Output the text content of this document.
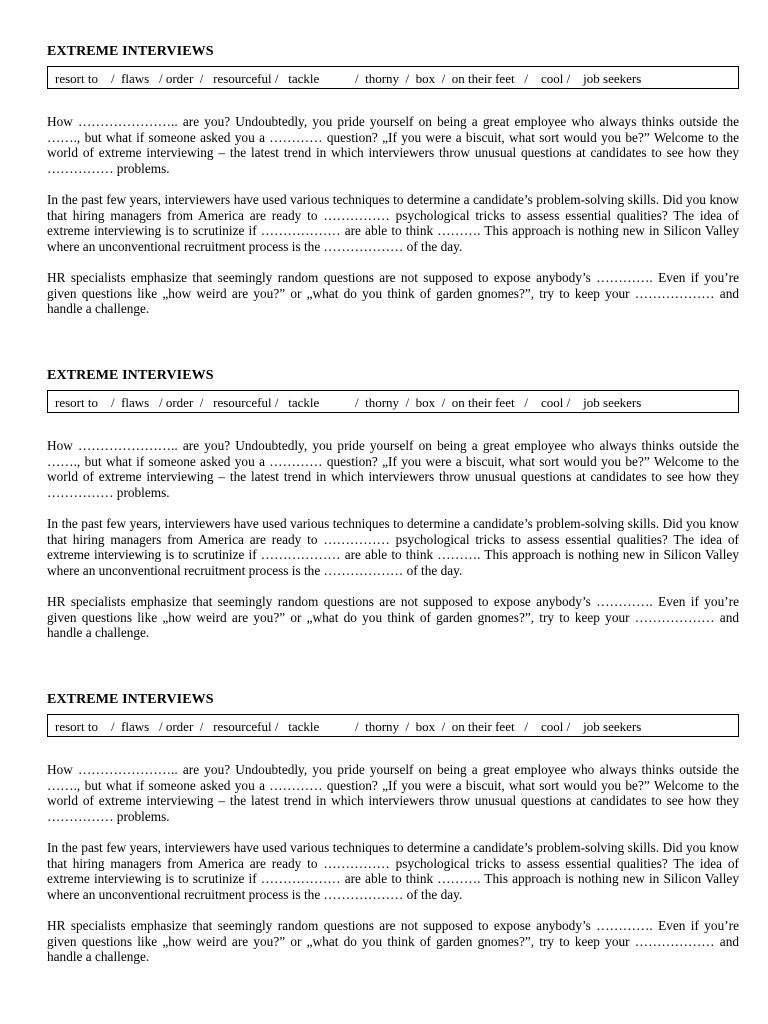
EXTREME INTERVIEWS
resort to    /  flaws   / order  /   resourceful /   tackle           /  thorny  /  box  /  on their feet   /    cool /    job seekers

How ………………….. are you? Undoubtedly, you pride yourself on being a great employee who always thinks outside the ……., but what if someone asked you a ………… question? „If you were a biscuit, what sort would you be?” Welcome to the world of extreme interviewing – the latest trend in which interviewers throw unusual questions at candidates to see how they …………… problems.

In the past few years, interviewers have used various techniques to determine a candidate’s problem-solving skills. Did you know that hiring managers from America are ready to …………… psychological tricks to assess essential qualities? The idea of extreme interviewing is to scrutinize if ……………… are able to think ………. This approach is nothing new in Silicon Valley where an unconventional recruitment process is the ……………… of the day.

HR specialists emphasize that seemingly random questions are not supposed to expose anybody’s …………. Even if you’re given questions like „how weird are you?” or „what do you think of garden gnomes?”, try to keep your ……………… and handle a challenge.

EXTREME INTERVIEWS
resort to    /  flaws   / order  /   resourceful /   tackle           /  thorny  /  box  /  on their feet   /    cool /    job seekers

How ………………….. are you? Undoubtedly, you pride yourself on being a great employee who always thinks outside the ……., but what if someone asked you a ………… question? „If you were a biscuit, what sort would you be?” Welcome to the world of extreme interviewing – the latest trend in which interviewers throw unusual questions at candidates to see how they …………… problems.

In the past few years, interviewers have used various techniques to determine a candidate’s problem-solving skills. Did you know that hiring managers from America are ready to …………… psychological tricks to assess essential qualities? The idea of extreme interviewing is to scrutinize if ……………… are able to think ………. This approach is nothing new in Silicon Valley where an unconventional recruitment process is the ……………… of the day.

HR specialists emphasize that seemingly random questions are not supposed to expose anybody’s …………. Even if you’re given questions like „how weird are you?” or „what do you think of garden gnomes?”, try to keep your ……………… and handle a challenge.

EXTREME INTERVIEWS
resort to    /  flaws   / order  /   resourceful /   tackle           /  thorny  /  box  /  on their feet   /    cool /    job seekers

How ………………….. are you? Undoubtedly, you pride yourself on being a great employee who always thinks outside the ……., but what if someone asked you a ………… question? „If you were a biscuit, what sort would you be?” Welcome to the world of extreme interviewing – the latest trend in which interviewers throw unusual questions at candidates to see how they …………… problems.

In the past few years, interviewers have used various techniques to determine a candidate’s problem-solving skills. Did you know that hiring managers from America are ready to …………… psychological tricks to assess essential qualities? The idea of extreme interviewing is to scrutinize if ……………… are able to think ………. This approach is nothing new in Silicon Valley where an unconventional recruitment process is the ……………… of the day.

HR specialists emphasize that seemingly random questions are not supposed to expose anybody’s …………. Even if you’re given questions like „how weird are you?” or „what do you think of garden gnomes?”, try to keep your ……………… and handle a challenge.
